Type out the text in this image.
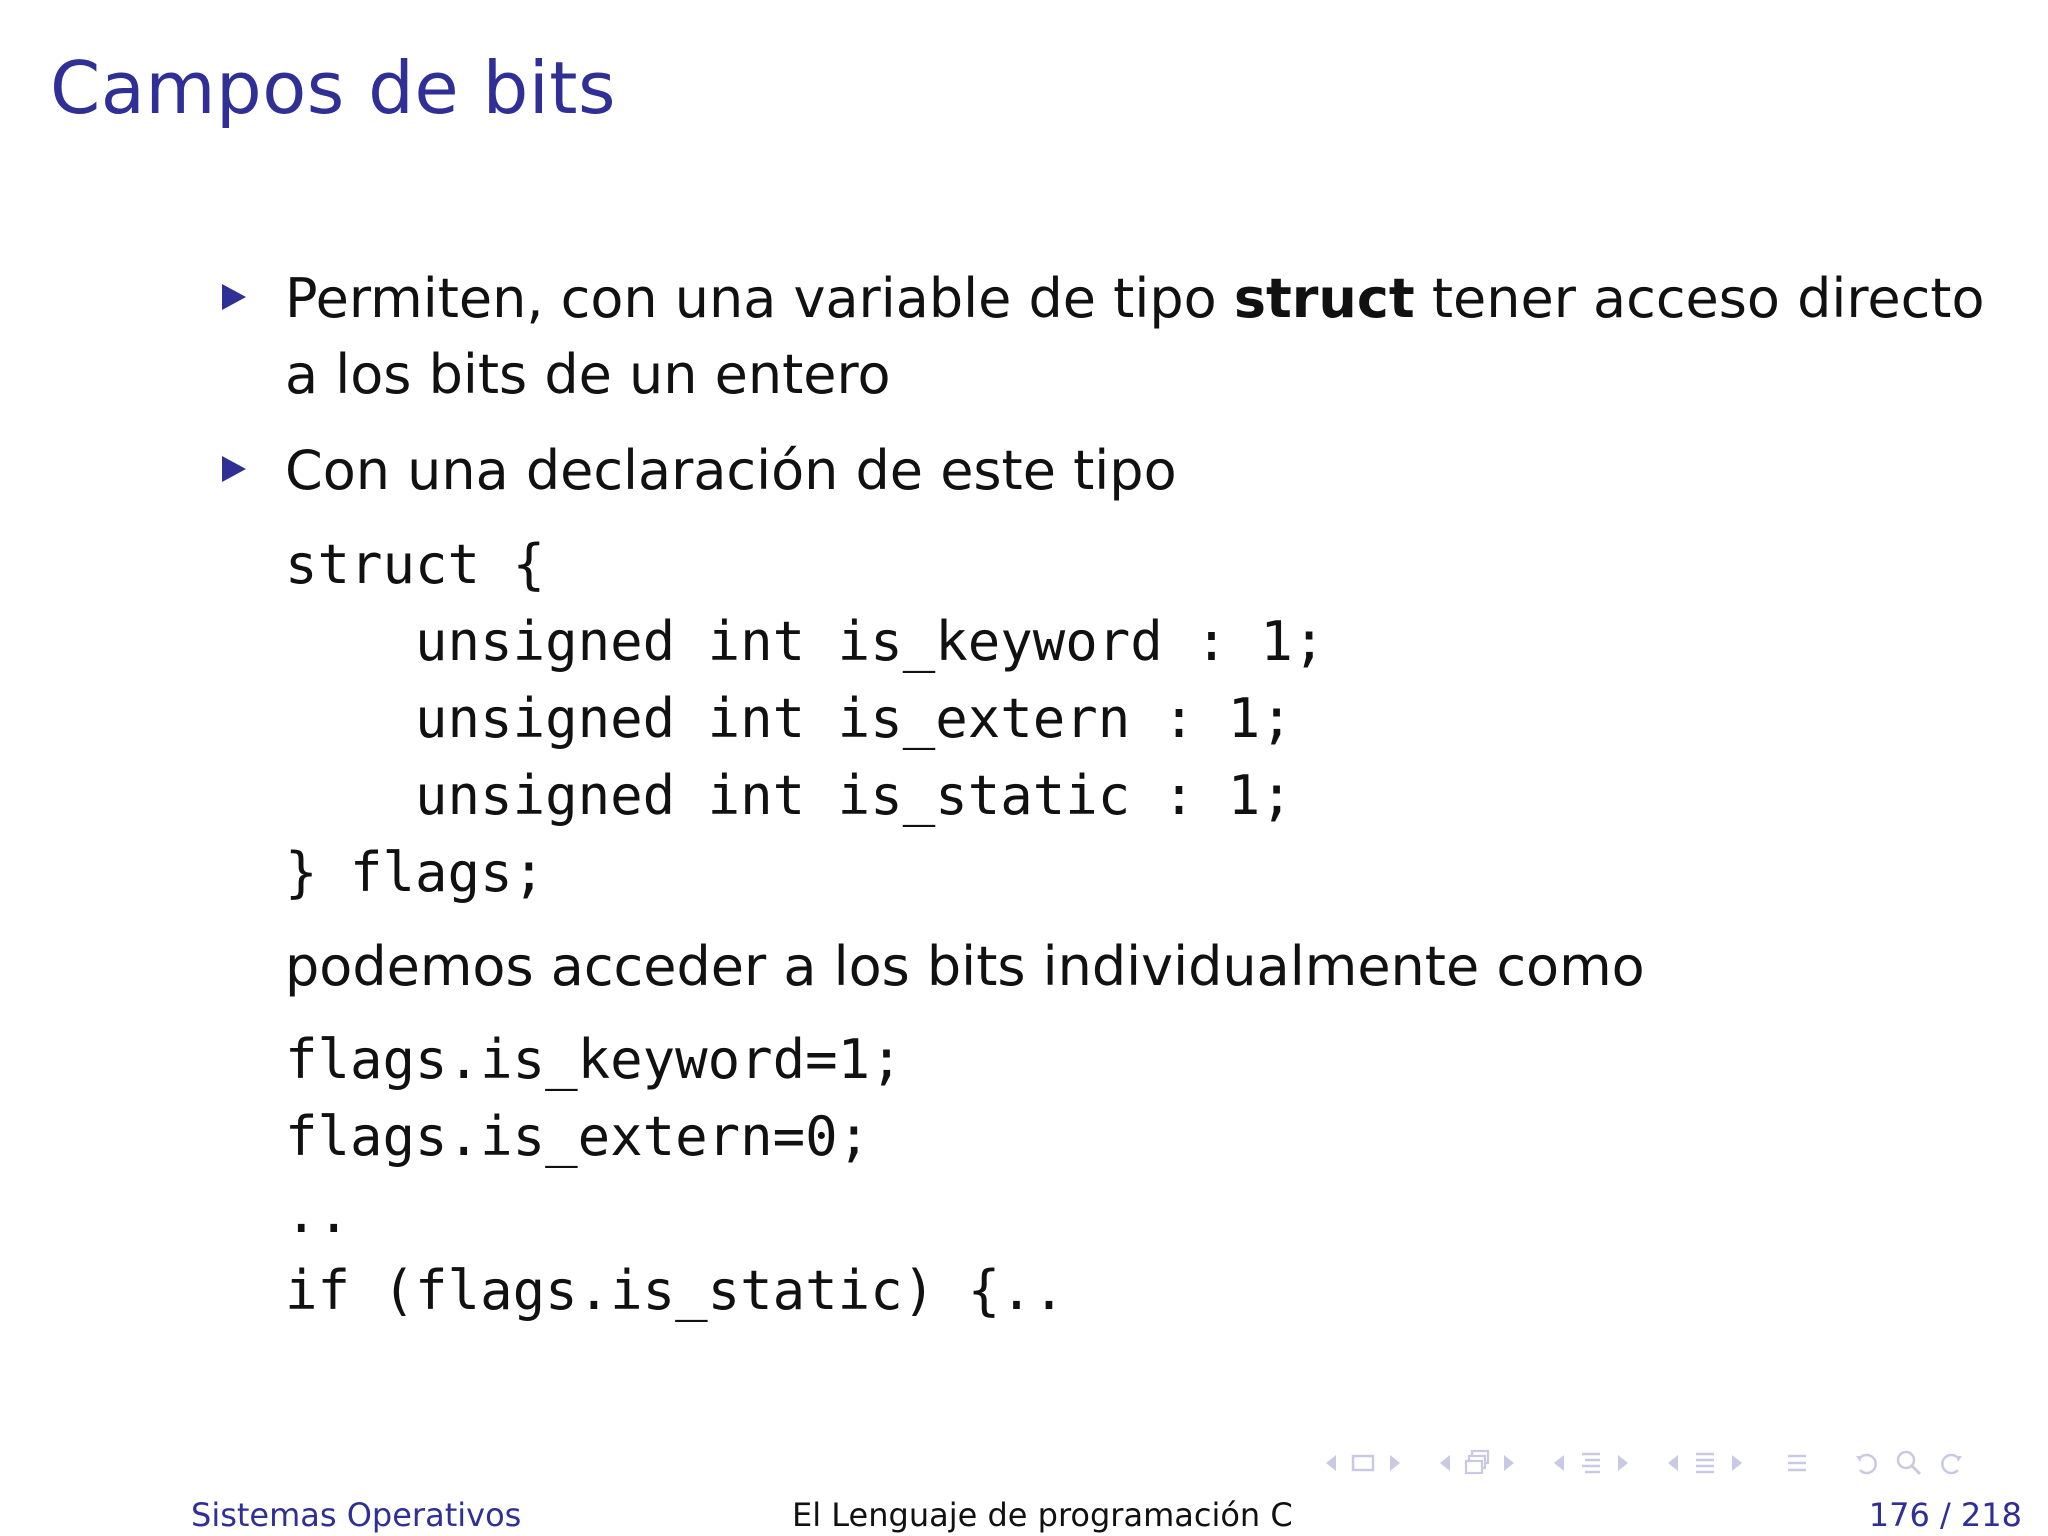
Campos de bits
Permiten, con una variable de tipo struct tener acceso directo
a los bits de un entero
Con una declaración de este tipo
struct {
unsigned int is_keyword : 1;
unsigned int is_extern : 1;
unsigned int is_static : 1;
} flags;
podemos acceder a los bits individualmente como
flags.is_keyword=1;
flags.is_extern=0;
..
if (flags.is_static) {..
Sistemas Operativos	El Lenguaje de programación C	176 / 218
